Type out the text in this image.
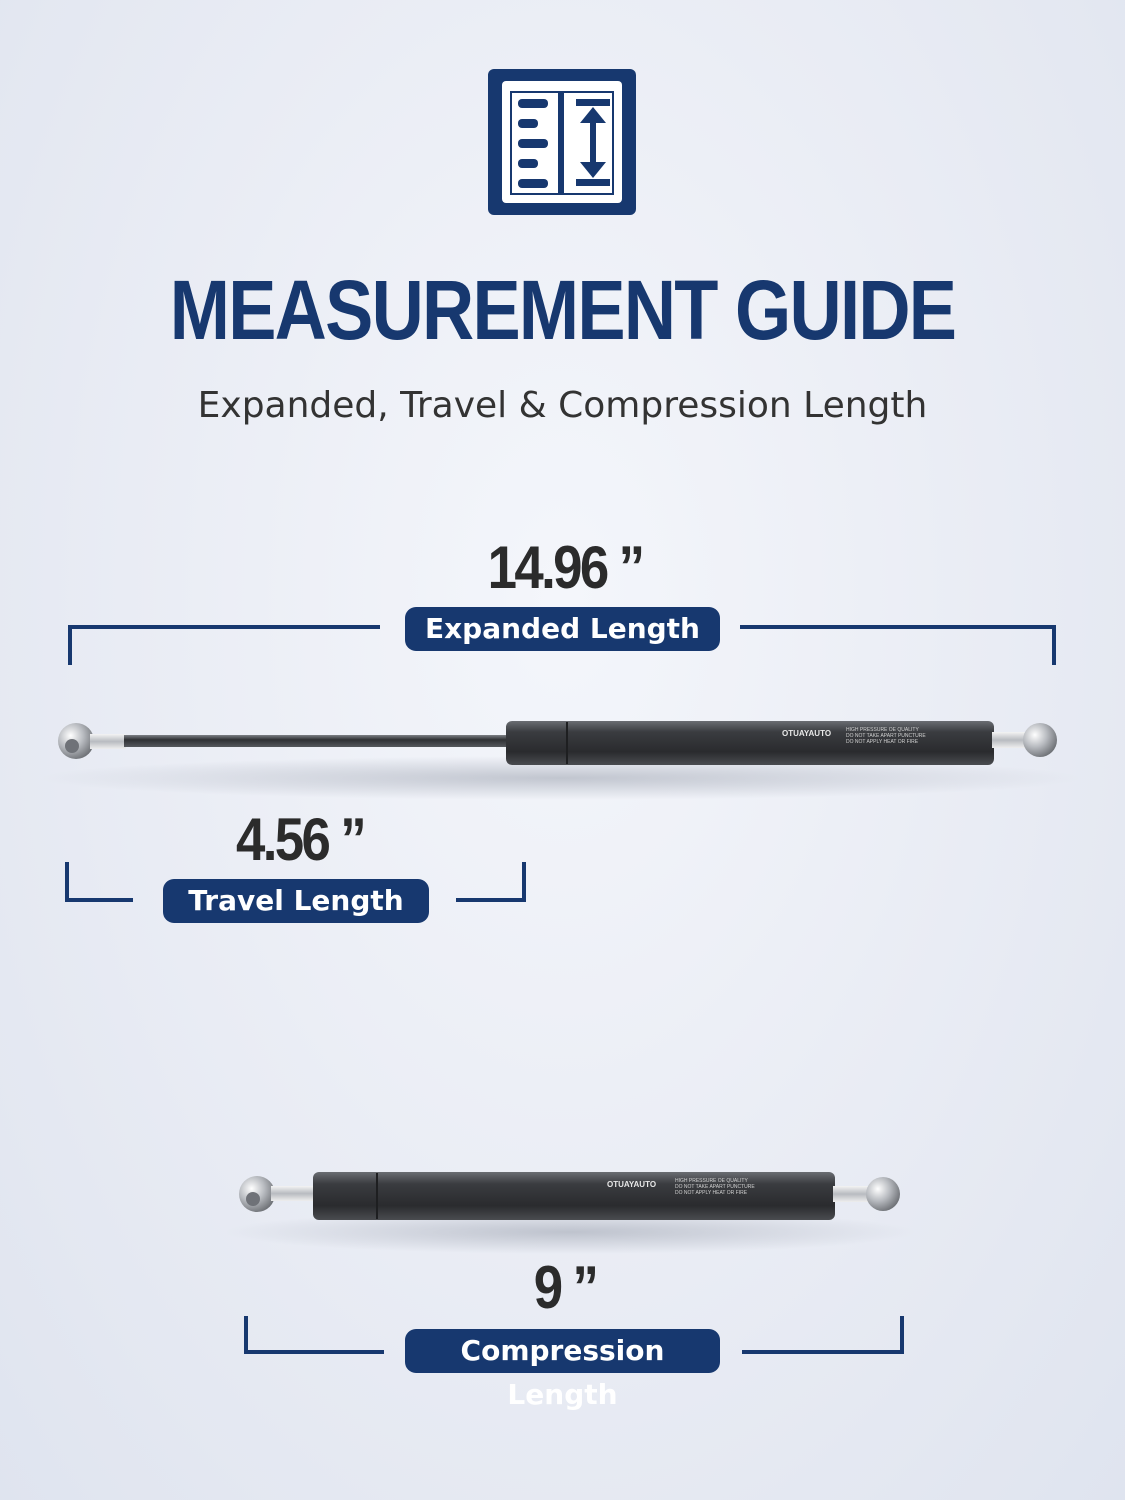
MEASUREMENT GUIDE
Expanded, Travel & Compression Length
14.96 ”
Expanded Length
OTUAYAUTO	HIGH PRESSURE OE QUALITY
DO NOT TAKE APART PUNCTURE
DO NOT APPLY HEAT OR FIRE
4.56 ”
Travel Length
OTUAYAUTO	HIGH PRESSURE OE QUALITY
DO NOT TAKE APART PUNCTURE
DO NOT APPLY HEAT OR FIRE
9 ”
Compression Length
